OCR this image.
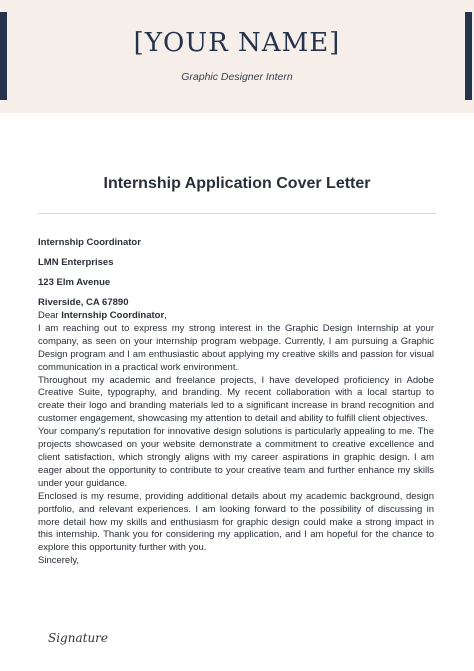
[YOUR NAME]
Graphic Designer Intern
Internship Application Cover Letter
Internship Coordinator
LMN Enterprises
123 Elm Avenue
Riverside, CA 67890

Dear Internship Coordinator,

I am reaching out to express my strong interest in the Graphic Design Internship at your company, as seen on your internship program webpage. Currently, I am pursuing a Graphic Design program and I am enthusiastic about applying my creative skills and passion for visual communication in a practical work environment.

Throughout my academic and freelance projects, I have developed proficiency in Adobe Creative Suite, typography, and branding. My recent collaboration with a local startup to create their logo and branding materials led to a significant increase in brand recognition and customer engagement, showcasing my attention to detail and ability to fulfill client objectives.

Your company's reputation for innovative design solutions is particularly appealing to me. The projects showcased on your website demonstrate a commitment to creative excellence and client satisfaction, which strongly aligns with my career aspirations in graphic design. I am eager about the opportunity to contribute to your creative team and further enhance my skills under your guidance.

Enclosed is my resume, providing additional details about my academic background, design portfolio, and relevant experiences. I am looking forward to the possibility of discussing in more detail how my skills and enthusiasm for graphic design could make a strong impact in this internship. Thank you for considering my application, and I am hopeful for the chance to explore this opportunity further with you.

Sincerely,

Signature
